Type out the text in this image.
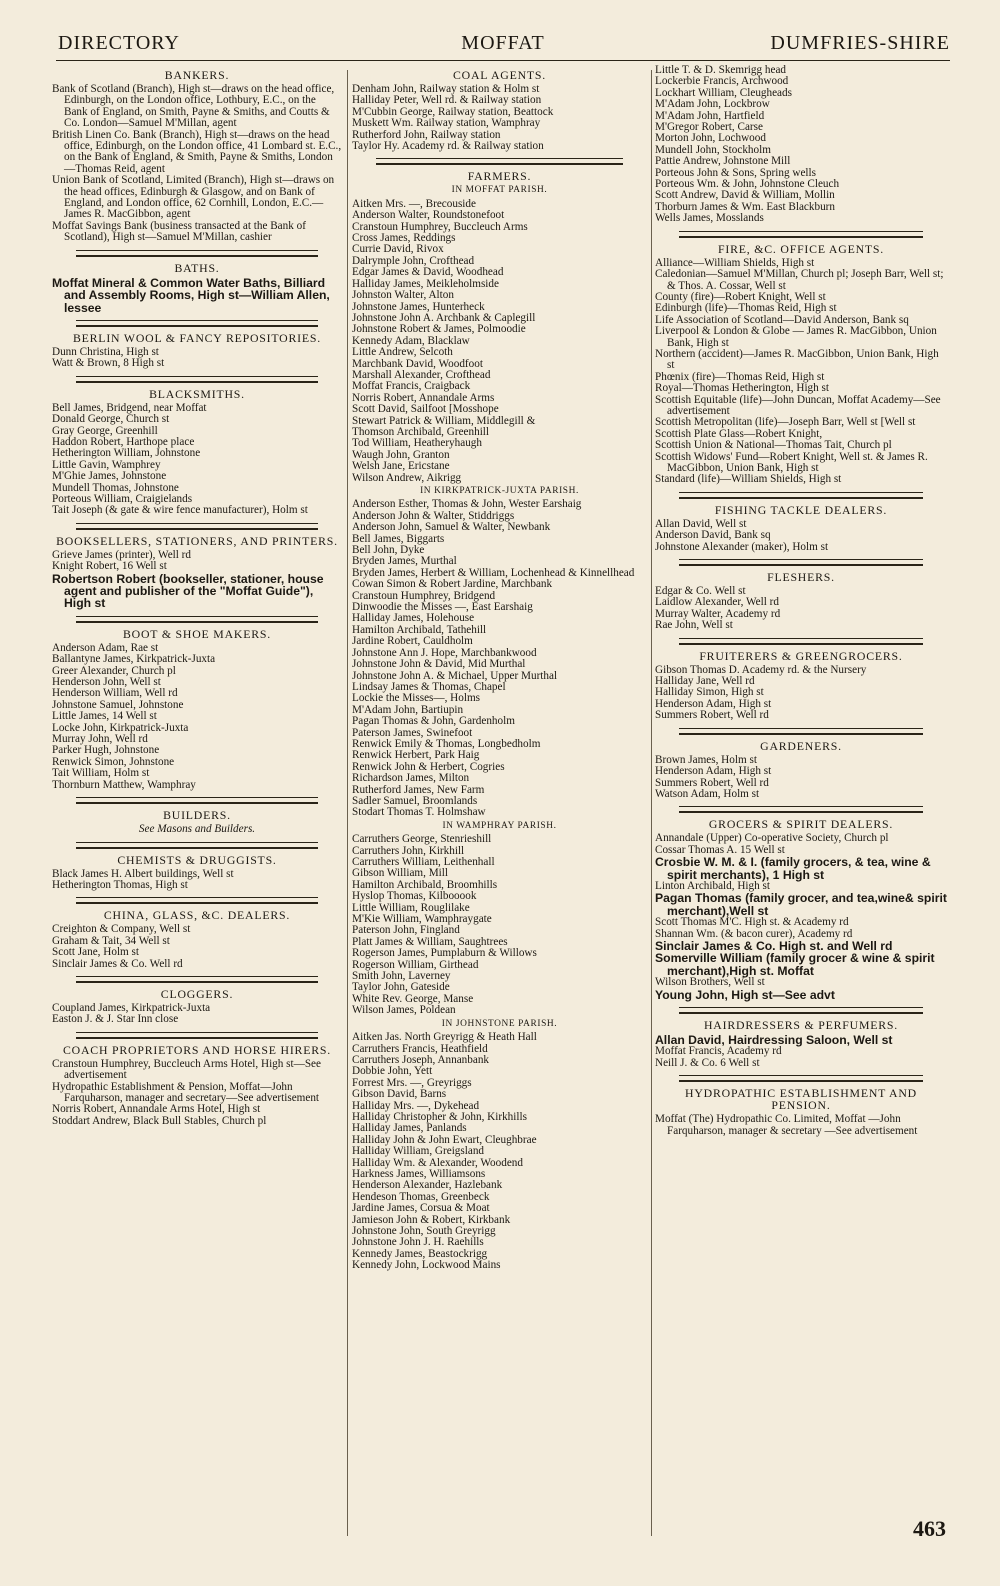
DIRECTORY	MOFFAT	DUMFRIES-SHIRE
BANKERS.

Bank of Scotland (Branch), High st—draws on the head office, Edinburgh, on the London office, Lothbury, E.C., on the Bank of England, on Smith, Payne & Smiths, and Coutts & Co. London—Samuel M'Millan, agent

British Linen Co. Bank (Branch), High st—draws on the head office, Edinburgh, on the London office, 41 Lombard st. E.C., on the Bank of England, & Smith, Payne & Smiths, London—Thomas Reid, agent

Union Bank of Scotland, Limited (Branch), High st—draws on the head offices, Edinburgh & Glasgow, and on Bank of England, and London office, 62 Cornhill, London, E.C.—James R. MacGibbon, agent

Moffat Savings Bank (business transacted at the Bank of Scotland), High st—Samuel M'Millan, cashier

BATHS.

Moffat Mineral & Common Water Baths, Billiard and Assembly Rooms, High st—William Allen, lessee

BERLIN WOOL & FANCY REPOSITORIES.

Dunn Christina, High st

Watt & Brown, 8 High st

BLACKSMITHS.

Bell James, Bridgend, near Moffat

Donald George, Church st

Gray George, Greenhill

Haddon Robert, Harthope place

Hetherington William, Johnstone

Little Gavin, Wamphrey

M'Ghie James, Johnstone

Mundell Thomas, Johnstone

Porteous William, Craigielands

Tait Joseph (& gate & wire fence manufacturer), Holm st

BOOKSELLERS, STATIONERS, AND PRINTERS.

Grieve James (printer), Well rd

Knight Robert, 16 Well st

Robertson Robert (bookseller, stationer, house agent and publisher of the "Moffat Guide"), High st

BOOT & SHOE MAKERS.

Anderson Adam, Rae st

Ballantyne James, Kirkpatrick-Juxta

Greer Alexander, Church pl

Henderson John, Well st

Henderson William, Well rd

Johnstone Samuel, Johnstone

Little James, 14 Well st

Locke John, Kirkpatrick-Juxta

Murray John, Well rd

Parker Hugh, Johnstone

Renwick Simon, Johnstone

Tait William, Holm st

Thornburn Matthew, Wamphray

BUILDERS.
See Masons and Builders.
CHEMISTS & DRUGGISTS.

Black James H. Albert buildings, Well st

Hetherington Thomas, High st

CHINA, GLASS, &C. DEALERS.

Creighton & Company, Well st

Graham & Tait, 34 Well st

Scott Jane, Holm st

Sinclair James & Co. Well rd

CLOGGERS.

Coupland James, Kirkpatrick-Juxta

Easton J. & J. Star Inn close

COACH PROPRIETORS AND HORSE HIRERS.

Cranstoun Humphrey, Buccleuch Arms Hotel, High st—See advertisement

Hydropathic Establishment & Pension, Moffat—John Farquharson, manager and secretary—See advertisement

Norris Robert, Annandale Arms Hotel, High st

Stoddart Andrew, Black Bull Stables, Church pl

COAL AGENTS.

Denham John, Railway station & Holm st

Halliday Peter, Well rd. & Railway station

M'Cubbin George, Railway station, Beattock

Muskett Wm. Railway station, Wamphray

Rutherford John, Railway station

Taylor Hy. Academy rd. & Railway station

FARMERS.
IN MOFFAT PARISH.

Aitken Mrs. —, Brecouside

Anderson Walter, Roundstonefoot

Cranstoun Humphrey, Buccleuch Arms

Cross James, Reddings

Currie David, Rivox

Dalrymple John, Crofthead

Edgar James & David, Woodhead

Halliday James, Meikleholmside

Johnston Walter, Alton

Johnstone James, Hunterheck

Johnstone John A. Archbank & Caplegill

Johnstone Robert & James, Polmoodie

Kennedy Adam, Blacklaw

Little Andrew, Selcoth

Marchbank David, Woodfoot

Marshall Alexander, Crofthead

Moffat Francis, Craigback

Norris Robert, Annandale Arms

Scott David, Sailfoot [Mosshope

Stewart Patrick & William, Middlegill &

Thomson Archibald, Greenhill

Tod William, Heatheryhaugh

Waugh John, Granton

Welsh Jane, Ericstane

Wilson Andrew, Aikrigg

IN KIRKPATRICK-JUXTA PARISH.

Anderson Esther, Thomas & John, Wester Earshaig

Anderson John & Walter, Stiddriggs

Anderson John, Samuel & Walter, Newbank

Bell James, Biggarts

Bell John, Dyke

Bryden James, Murthal

Bryden James, Herbert & William, Lochenhead & Kinnellhead

Cowan Simon & Robert Jardine, Marchbank

Cranstoun Humphrey, Bridgend

Dinwoodie the Misses —, East Earshaig

Halliday James, Holehouse

Hamilton Archibald, Tathehill

Jardine Robert, Cauldholm

Johnstone Ann J. Hope, Marchbankwood

Johnstone John & David, Mid Murthal

Johnstone John A. & Michael, Upper Murthal

Lindsay James & Thomas, Chapel

Lockie the Misses—, Holms

M'Adam John, Bartiupin

Pagan Thomas & John, Gardenholm

Paterson James, Swinefoot

Renwick Emily & Thomas, Longbedholm

Renwick Herbert, Park Haig

Renwick John & Herbert, Cogries

Richardson James, Milton

Rutherford James, New Farm

Sadler Samuel, Broomlands

Stodart Thomas T. Holmshaw

IN WAMPHRAY PARISH.

Carruthers George, Stenrieshill

Carruthers John, Kirkhill

Carruthers William, Leithenhall

Gibson William, Mill

Hamilton Archibald, Broomhills

Hyslop Thomas, Kilbooook

Little William, Rouglilake

M'Kie William, Wamphraygate

Paterson John, Fingland

Platt James & William, Saughtrees

Rogerson James, Pumplaburn & Willows

Rogerson William, Girthead

Smith John, Laverney

Taylor John, Gateside

White Rev. George, Manse

Wilson James, Poldean

IN JOHNSTONE PARISH.

Aitken Jas. North Greyrigg & Heath Hall

Carruthers Francis, Heathfield

Carruthers Joseph, Annanbank

Dobbie John, Yett

Forrest Mrs. —, Greyriggs

Gibson David, Barns

Halliday Mrs. —, Dykehead

Halliday Christopher & John, Kirkhills

Halliday James, Panlands

Halliday John & John Ewart, Cleughbrae

Halliday William, Greigsland

Halliday Wm. & Alexander, Woodend

Harkness James, Williamsons

Henderson Alexander, Hazlebank

Hendeson Thomas, Greenbeck

Jardine James, Corsua & Moat

Jamieson John & Robert, Kirkbank

Johnstone John, South Greyrigg

Johnstone John J. H. Raehills

Kennedy James, Beastockrigg

Kennedy John, Lockwood Mains

Little T. & D. Skemrigg head

Lockerbie Francis, Archwood

Lockhart William, Cleugheads

M'Adam John, Lockbrow

M'Adam John, Hartfield

M'Gregor Robert, Carse

Morton John, Lochwood

Mundell John, Stockholm

Pattie Andrew, Johnstone Mill

Porteous John & Sons, Spring wells

Porteous Wm. & John, Johnstone Cleuch

Scott Andrew, David & William, Mollin

Thorburn James & Wm. East Blackburn

Wells James, Mosslands

FIRE, &C. OFFICE AGENTS.

Alliance—William Shields, High st

Caledonian—Samuel M'Millan, Church pl; Joseph Barr, Well st; & Thos. A. Cossar, Well st

County (fire)—Robert Knight, Well st

Edinburgh (life)—Thomas Reid, High st

Life Association of Scotland—David Anderson, Bank sq

Liverpool & London & Globe — James R. MacGibbon, Union Bank, High st

Northern (accident)—James R. MacGibbon, Union Bank, High st

Phœnix (fire)—Thomas Reid, High st

Royal—Thomas Hetherington, High st

Scottish Equitable (life)—John Duncan, Moffat Academy—See advertisement

Scottish Metropolitan (life)—Joseph Barr, Well st [Well st

Scottish Plate Glass—Robert Knight,

Scottish Union & National—Thomas Tait, Church pl

Scottish Widows' Fund—Robert Knight, Well st. & James R. MacGibbon, Union Bank, High st

Standard (life)—William Shields, High st

FISHING TACKLE DEALERS.

Allan David, Well st

Anderson David, Bank sq

Johnstone Alexander (maker), Holm st

FLESHERS.

Edgar & Co. Well st

Laidlow Alexander, Well rd

Murray Walter, Academy rd

Rae John, Well st

FRUITERERS & GREENGROCERS.

Gibson Thomas D. Academy rd. & the Nursery

Halliday Jane, Well rd

Halliday Simon, High st

Henderson Adam, High st

Summers Robert, Well rd

GARDENERS.

Brown James, Holm st

Henderson Adam, High st

Summers Robert, Well rd

Watson Adam, Holm st

GROCERS & SPIRIT DEALERS.

Annandale (Upper) Co-operative Society, Church pl

Cossar Thomas A. 15 Well st

Crosbie W. M. & I. (family grocers, & tea, wine & spirit merchants), 1 High st

Linton Archibald, High st

Pagan Thomas (family grocer, and tea,wine& spirit merchant),Well st

Scott Thomas M'C. High st. & Academy rd

Shannan Wm. (& bacon curer), Academy rd

Sinclair James & Co. High st. and Well rd

Somerville William (family grocer & wine & spirit merchant),High st. Moffat

Wilson Brothers, Well st

Young John, High st—See advt

HAIRDRESSERS & PERFUMERS.

Allan David, Hairdressing Saloon, Well st

Moffat Francis, Academy rd

Neill J. & Co. 6 Well st

HYDROPATHIC ESTABLISHMENT AND PENSION.

Moffat (The) Hydropathic Co. Limited, Moffat —John Farquharson, manager & secretary —See advertisement

463
